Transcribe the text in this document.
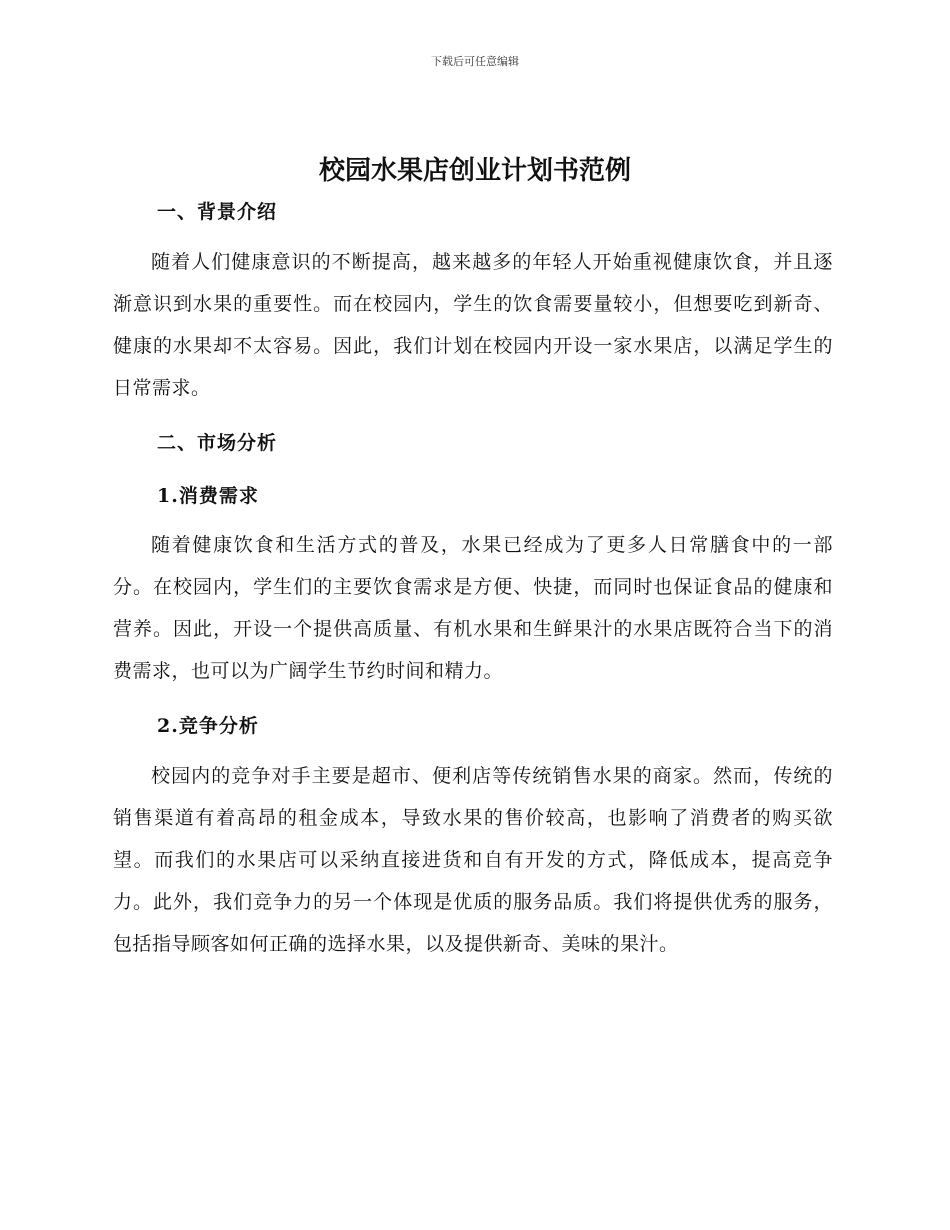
下载后可任意编辑
校园水果店创业计划书范例
一、背景介绍

随着人们健康意识的不断提高，越来越多的年轻人开始重视健康饮食，并且逐渐意识到水果的重要性。而在校园内，学生的饮食需要量较小，但想要吃到新奇、健康的水果却不太容易。因此，我们计划在校园内开设一家水果店，以满足学生的日常需求。

二、市场分析
1.消费需求

随着健康饮食和生活方式的普及，水果已经成为了更多人日常膳食中的一部分。在校园内，学生们的主要饮食需求是方便、快捷，而同时也保证食品的健康和营养。因此，开设一个提供高质量、有机水果和生鲜果汁的水果店既符合当下的消费需求，也可以为广阔学生节约时间和精力。

2.竞争分析

校园内的竞争对手主要是超市、便利店等传统销售水果的商家。然而，传统的销售渠道有着高昂的租金成本，导致水果的售价较高，也影响了消费者的购买欲望。而我们的水果店可以采纳直接进货和自有开发的方式，降低成本，提高竞争力。此外，我们竞争力的另一个体现是优质的服务品质。我们将提供优秀的服务，包括指导顾客如何正确的选择水果，以及提供新奇、美味的果汁。
